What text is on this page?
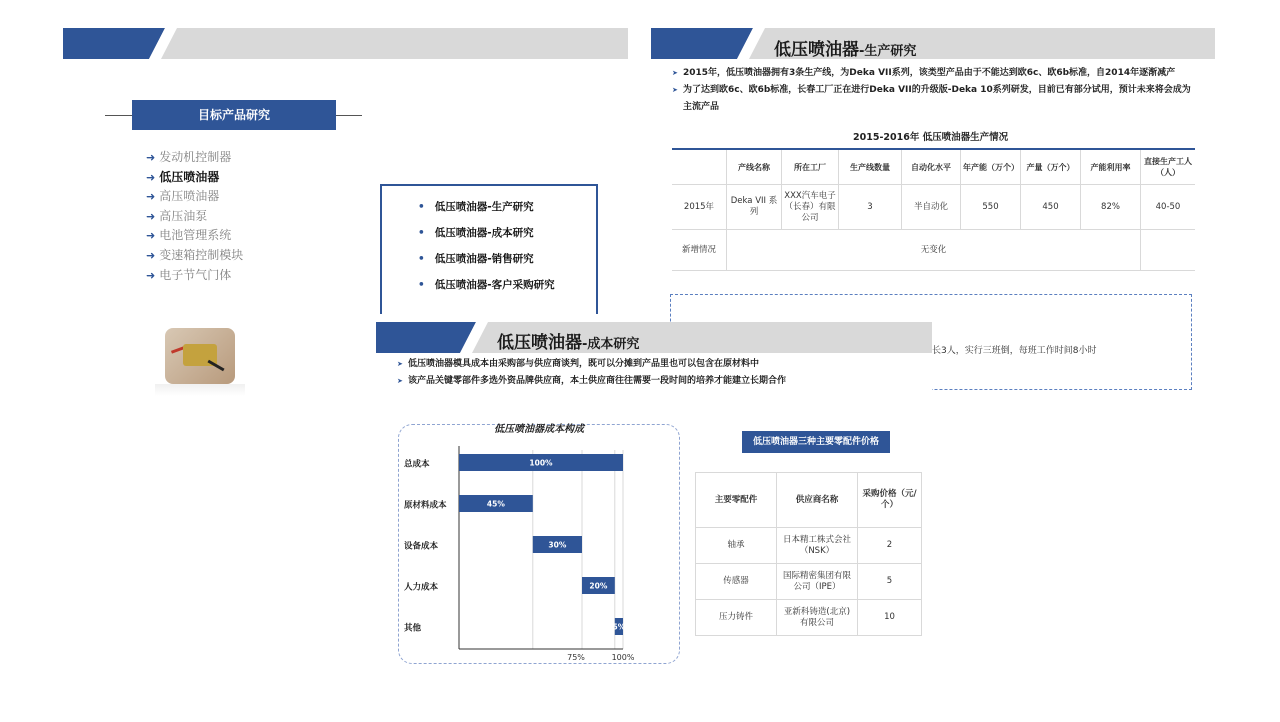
目标产品研究
➜ 发动机控制器
➜ 低压喷油器
➜ 高压喷油器
➜ 高压油泵
➜ 电池管理系统
➜ 变速箱控制模块
➜ 电子节气门体
• 低压喷油器-生产研究
• 低压喷油器-成本研究
• 低压喷油器-销售研究
• 低压喷油器-客户采购研究
低压喷油器-生产研究
➤ 2015年，低压喷油器拥有3条生产线，为Deka VII系列，该类型产品由于不能达到欧6c、欧6b标准，自2014年逐渐减产
➤ 为了达到欧6c、欧6b标准，长春工厂正在进行Deka VII的升级版-Deka 10系列研发，目前已有部分试用，预计未来将会成为主流产品
2015-2016年 低压喷油器生产情况
	产线名称	所在工厂	生产线数量	自动化水平	年产能（万个）	产量（万个）	产能利用率	直接生产工人（人）
2015年	Deka VII 系列	XXX汽车电子（长春）有限公司	3	半自动化	550	450	82%	40-50
新增情况	无变化							
长3人，实行三班倒，每班工作时间8小时
低压喷油器-成本研究
➤ 低压喷油器模具成本由采购部与供应商谈判，既可以分摊到产品里也可以包含在原材料中
➤ 该产品关键零部件多选外资品牌供应商，本土供应商往往需要一段时间的培养才能建立长期合作
低压喷油器成本构成
总成本	100%
原材料成本	45%
设备成本	30%
人力成本	20%
其他	5%
75%	100%
低压喷油器三种主要零配件价格
主要零配件	供应商名称	采购价格（元/个）
轴承	日本精工株式会社（NSK）	2
传感器	国际精密集团有限公司（IPE）	5
压力铸件	亚新科铸造(北京)有限公司	10
